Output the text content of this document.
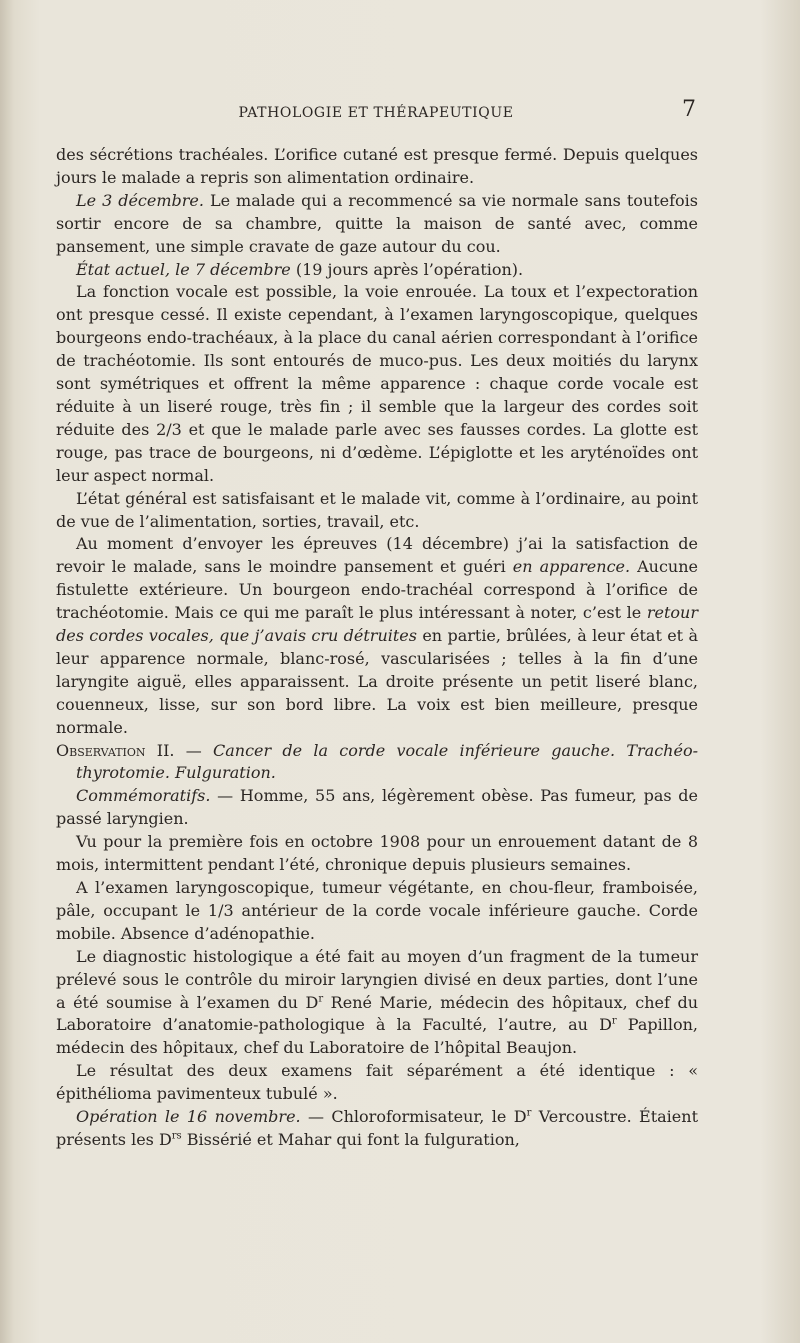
PATHOLOGIE ET THÉRAPEUTIQUE	7

des sécrétions trachéales. L’orifice cutané est presque fermé. Depuis quelques jours le malade a repris son alimentation ordinaire.

Le 3 décembre. Le malade qui a recommencé sa vie normale sans toutefois sortir encore de sa chambre, quitte la maison de santé avec, comme pansement, une simple cravate de gaze autour du cou.

État actuel, le 7 décembre (19 jours après l’opération).

La fonction vocale est possible, la voie enrouée. La toux et l’expectoration ont presque cessé. Il existe cependant, à l’examen laryngoscopique, quelques bourgeons endo-trachéaux, à la place du canal aérien correspondant à l’orifice de trachéotomie. Ils sont entourés de muco-pus. Les deux moitiés du larynx sont symétriques et offrent la même apparence : chaque corde vocale est réduite à un liseré rouge, très fin ; il semble que la largeur des cordes soit réduite des 2/3 et que le malade parle avec ses fausses cordes. La glotte est rouge, pas trace de bourgeons, ni d’œdème. L’épiglotte et les aryténoïdes ont leur aspect normal.

L’état général est satisfaisant et le malade vit, comme à l’ordinaire, au point de vue de l’alimentation, sorties, travail, etc.

Au moment d’envoyer les épreuves (14 décembre) j’ai la satisfaction de revoir le malade, sans le moindre pansement et guéri en apparence. Aucune fistulette extérieure. Un bourgeon endo-trachéal correspond à l’orifice de trachéotomie. Mais ce qui me paraît le plus intéressant à noter, c’est le retour des cordes vocales, que j’avais cru détruites en partie, brûlées, à leur état et à leur apparence normale, blanc-rosé, vascularisées ; telles à la fin d’une laryngite aiguë, elles apparaissent. La droite présente un petit liseré blanc, couenneux, lisse, sur son bord libre. La voix est bien meilleure, presque normale.

Observation II. — Cancer de la corde vocale inférieure gauche. Trachéo-thyrotomie. Fulguration.

Commémoratifs. — Homme, 55 ans, légèrement obèse. Pas fumeur, pas de passé laryngien.

Vu pour la première fois en octobre 1908 pour un enrouement datant de 8 mois, intermittent pendant l’été, chronique depuis plusieurs semaines.

A l’examen laryngoscopique, tumeur végétante, en chou-fleur, framboisée, pâle, occupant le 1/3 antérieur de la corde vocale inférieure gauche. Corde mobile. Absence d’adénopathie.

Le diagnostic histologique a été fait au moyen d’un fragment de la tumeur prélevé sous le contrôle du miroir laryngien divisé en deux parties, dont l’une a été soumise à l’examen du $D^r$ René Marie, médecin des hôpitaux, chef du Laboratoire d’anatomie-pathologique à la Faculté, l’autre, au $D^r$ Papillon, médecin des hôpitaux, chef du Laboratoire de l’hôpital Beaujon.

Le résultat des deux examens fait séparément a été identique : « épithélioma pavimenteux tubulé ».

Opération le 16 novembre. — Chloroformisateur, le $D^r$ Vercoustre. Étaient présents les $D^{rs}$ Bissérié et Mahar qui font la fulguration,
